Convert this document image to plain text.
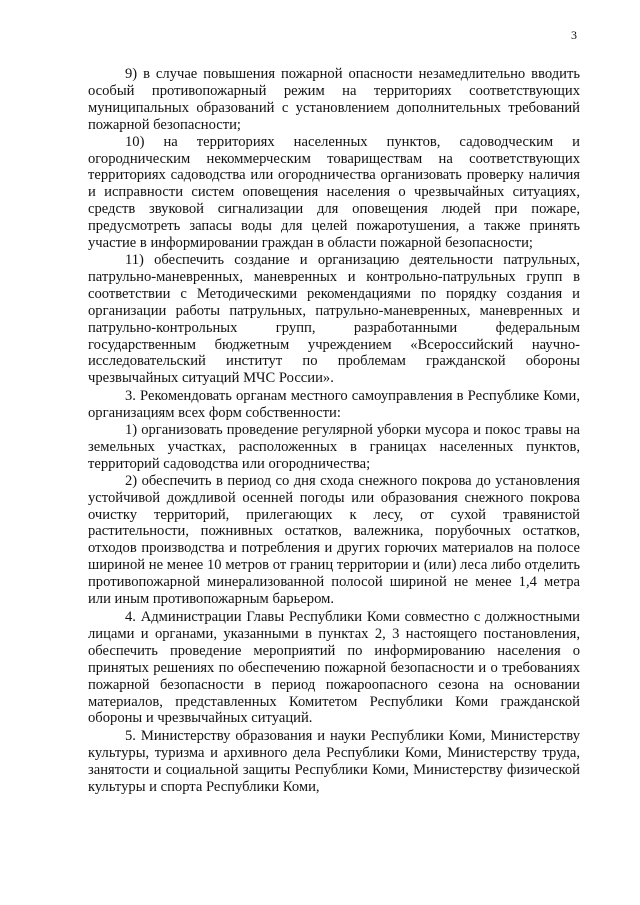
3

9) в случае повышения пожарной опасности незамедлительно вводить особый противопожарный режим на территориях соответствующих муниципальных образований с установлением дополнительных требований пожарной безопасности;

10) на территориях населенных пунктов, садоводческим и огородническим некоммерческим товариществам на соответствующих территориях садоводства или огородничества организовать проверку наличия и исправности систем оповещения населения о чрезвычайных ситуациях, средств звуковой сигнализации для оповещения людей при пожаре, предусмотреть запасы воды для целей пожаротушения, а также принять участие в информировании граждан в области пожарной безопасности;

11) обеспечить создание и организацию деятельности патрульных, патрульно-маневренных, маневренных и контрольно-патрульных групп в соответствии с Методическими рекомендациями по порядку создания и организации работы патрульных, патрульно-маневренных, маневренных и патрульно-контрольных групп, разработанными федеральным государственным бюджетным учреждением «Всероссийский научно-исследовательский институт по проблемам гражданской обороны чрезвычайных ситуаций МЧС России».

3. Рекомендовать органам местного самоуправления в Республике Коми, организациям всех форм собственности:

1) организовать проведение регулярной уборки мусора и покос травы на земельных участках, расположенных в границах населенных пунктов, территорий садоводства или огородничества;

2) обеспечить в период со дня схода снежного покрова до установления устойчивой дождливой осенней погоды или образования снежного покрова очистку территорий, прилегающих к лесу, от сухой травянистой растительности, пожнивных остатков, валежника, порубочных остатков, отходов производства и потребления и других горючих материалов на полосе шириной не менее 10 метров от границ территории и (или) леса либо отделить противопожарной минерализованной полосой шириной не менее 1,4 метра или иным противопожарным барьером.

4. Администрации Главы Республики Коми совместно с должностными лицами и органами, указанными в пунктах 2, 3 настоящего постановления, обеспечить проведение мероприятий по информированию населения о принятых решениях по обеспечению пожарной безопасности и о требованиях пожарной безопасности в период пожароопасного сезона на основании материалов, представленных Комитетом Республики Коми гражданской обороны и чрезвычайных ситуаций.

5. Министерству образования и науки Республики Коми, Министерству культуры, туризма и архивного дела Республики Коми, Министерству труда, занятости и социальной защиты Республики Коми, Министерству физической культуры и спорта Республики Коми,
